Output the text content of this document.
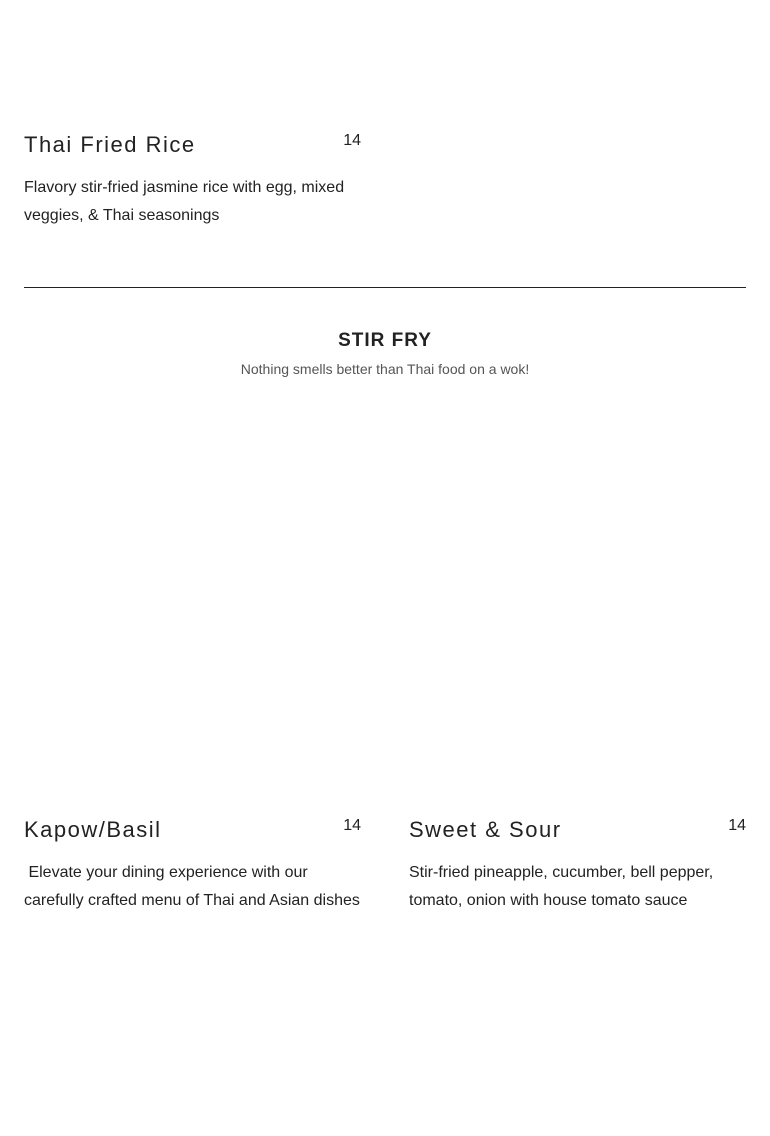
Thai Fried Rice	14
Flavory stir-fried jasmine rice with egg, mixed veggies, & Thai seasonings
STIR FRY
Nothing smells better than Thai food on a wok!
Kapow/Basil	14
Elevate your dining experience with our carefully crafted menu of Thai and Asian dishes
Sweet & Sour	14
Stir-fried pineapple, cucumber, bell pepper, tomato, onion with house tomato sauce
